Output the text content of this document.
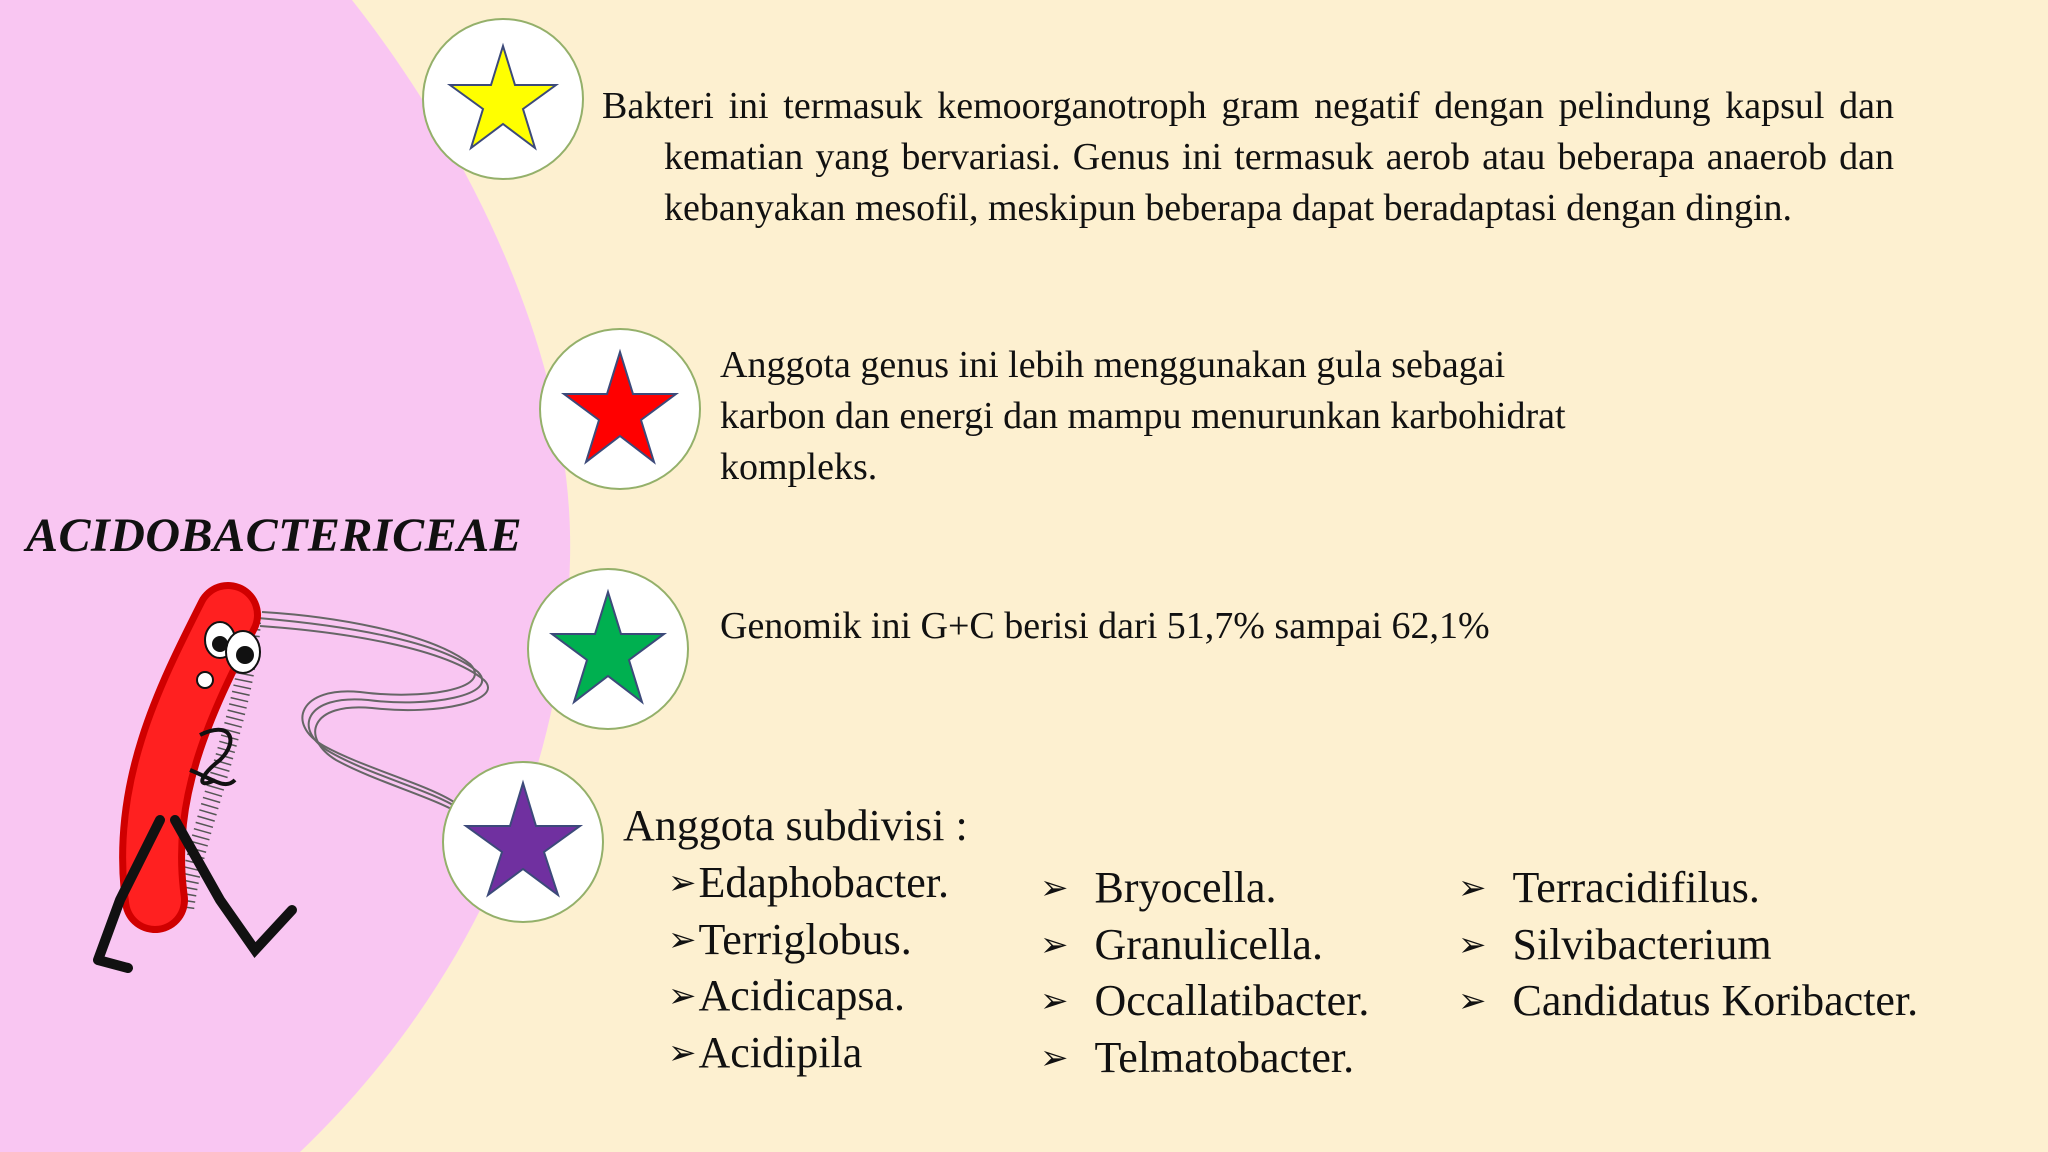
ACIDOBACTERICEAE
Bakteri ini termasuk kemoorganotroph gram negatif dengan pelindung kapsul dan kematian yang bervariasi. Genus ini termasuk aerob atau beberapa anaerob dan kebanyakan mesofil, meskipun beberapa dapat beradaptasi dengan dingin.
Anggota genus ini lebih menggunakan gula sebagai
karbon dan energi dan mampu menurunkan karbohidrat
kompleks.
Genomik ini G+C berisi dari 51,7% sampai 62,1%
Anggota subdivisi :
➢Edaphobacter.
➢Terriglobus.
➢Acidicapsa.
➢Acidipila
➢ Bryocella.
➢ Granulicella.
➢ Occallatibacter.
➢ Telmatobacter.
➢ Terracidifilus.
➢ Silvibacterium
➢ Candidatus Koribacter.
